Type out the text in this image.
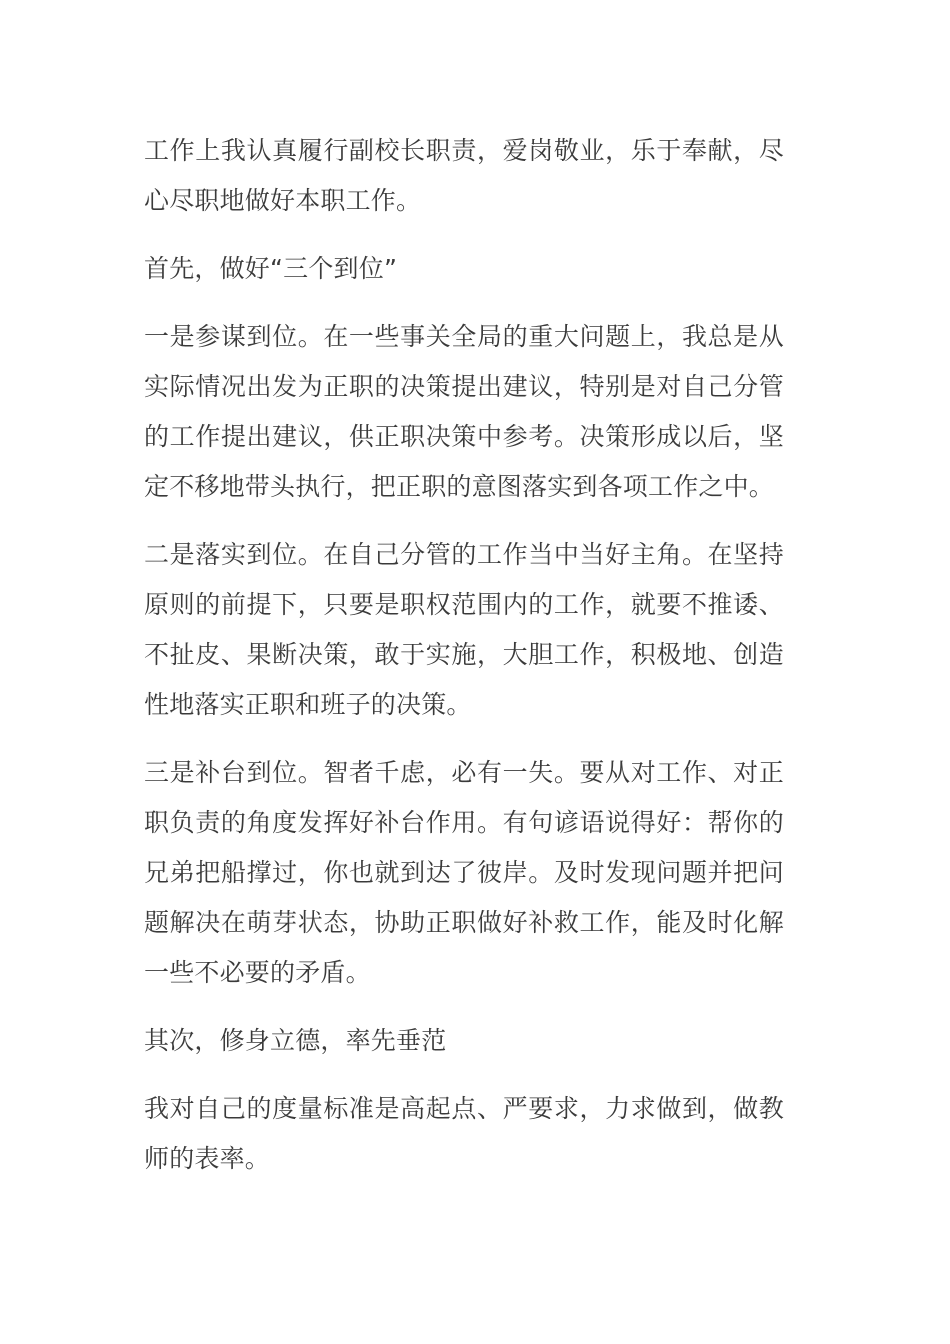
工作上我认真履行副校长职责，爱岗敬业，乐于奉献，尽心尽职地做好本职工作。

首先，做好“三个到位”

一是参谋到位。在一些事关全局的重大问题上，我总是从实际情况出发为正职的决策提出建议，特别是对自己分管的工作提出建议，供正职决策中参考。决策形成以后，坚定不移地带头执行，把正职的意图落实到各项工作之中。

二是落实到位。在自己分管的工作当中当好主角。在坚持原则的前提下，只要是职权范围内的工作，就要不推诿、不扯皮、果断决策，敢于实施，大胆工作，积极地、创造性地落实正职和班子的决策。

三是补台到位。智者千虑，必有一失。要从对工作、对正职负责的角度发挥好补台作用。有句谚语说得好：帮你的兄弟把船撑过，你也就到达了彼岸。及时发现问题并把问题解决在萌芽状态，协助正职做好补救工作，能及时化解一些不必要的矛盾。

其次，修身立德，率先垂范

我对自己的度量标准是高起点、严要求，力求做到，做教师的表率。
